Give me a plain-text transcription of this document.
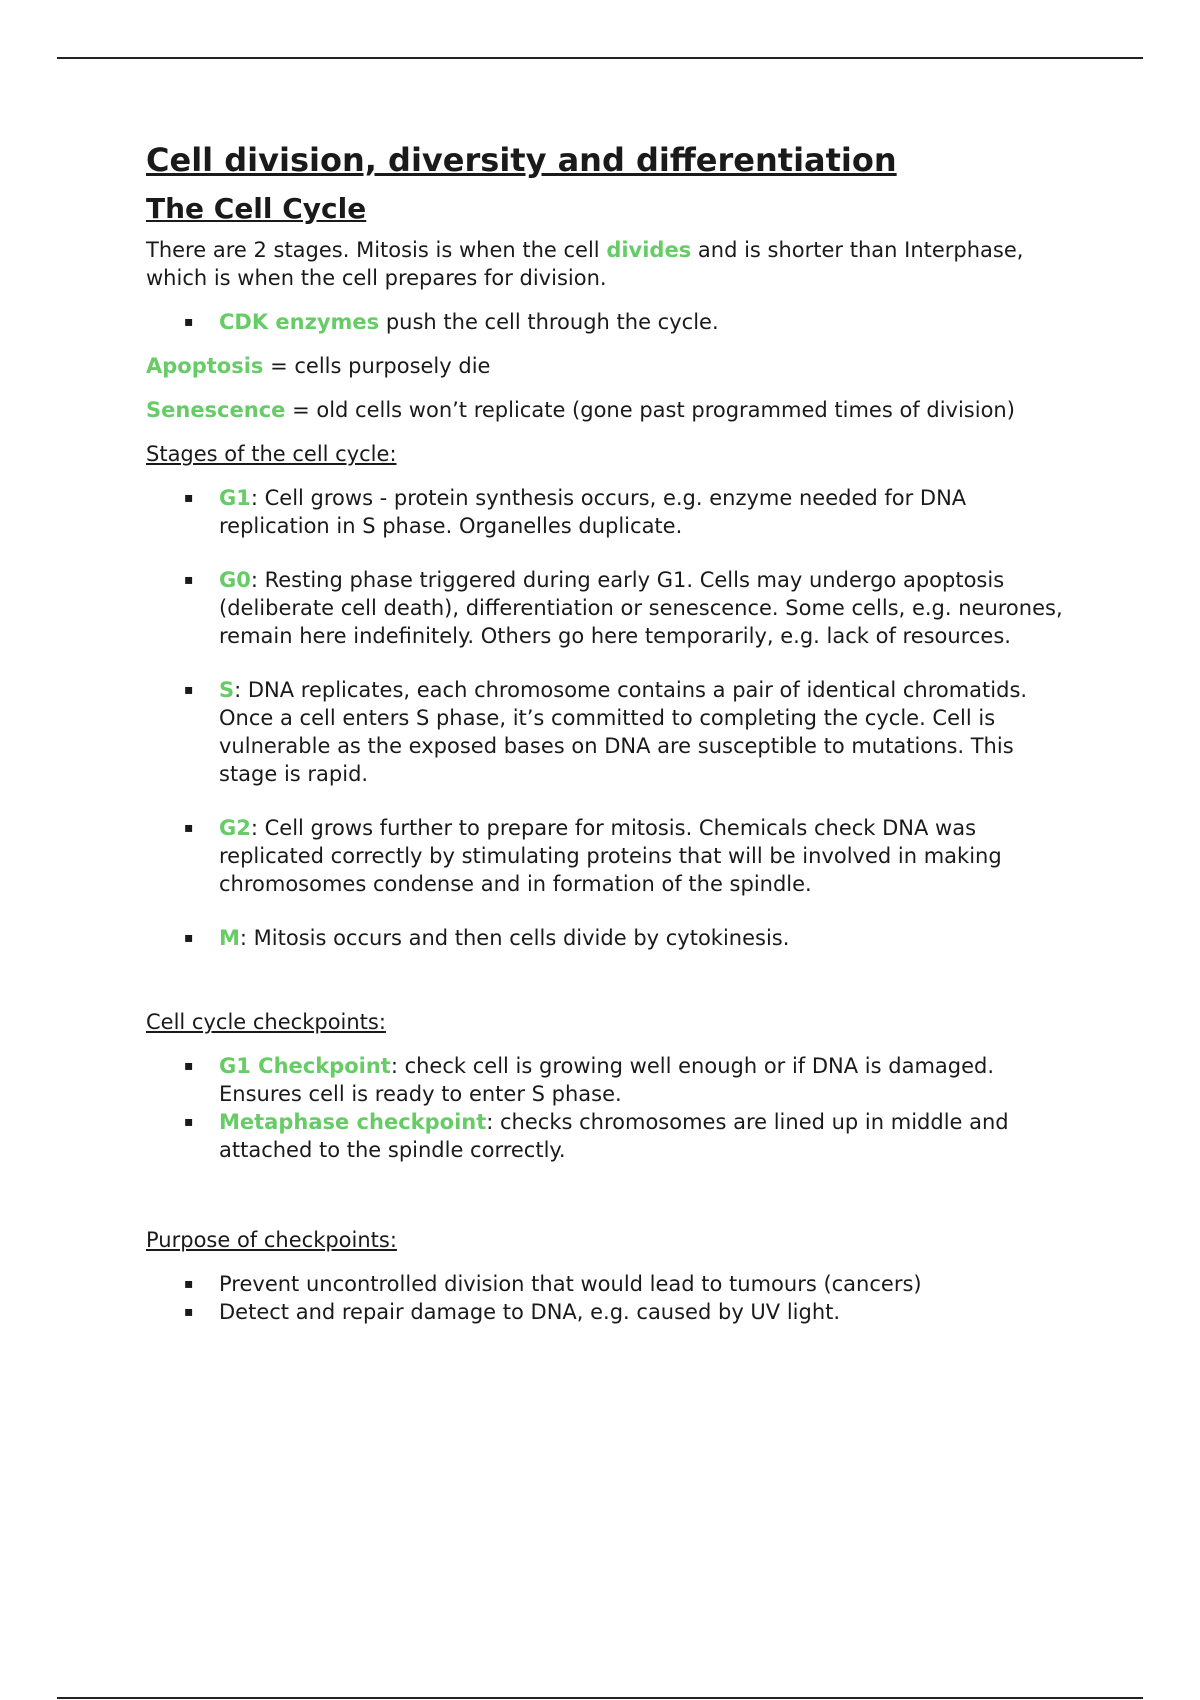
Cell division, diversity and differentiation
The Cell Cycle

There are 2 stages. Mitosis is when the cell divides and is shorter than Interphase, which is when the cell prepares for division.

▪ CDK enzymes push the cell through the cycle.

Apoptosis = cells purposely die

Senescence = old cells won’t replicate (gone past programmed times of division)

Stages of the cell cycle:

▪ G1: Cell grows - protein synthesis occurs, e.g. enzyme needed for DNA replication in S phase. Organelles duplicate.
▪ G0: Resting phase triggered during early G1. Cells may undergo apoptosis (deliberate cell death), differentiation or senescence. Some cells, e.g. neurones, remain here indefinitely. Others go here temporarily, e.g. lack of resources.
▪ S: DNA replicates, each chromosome contains a pair of identical chromatids. Once a cell enters S phase, it’s committed to completing the cycle. Cell is vulnerable as the exposed bases on DNA are susceptible to mutations. This stage is rapid.
▪ G2: Cell grows further to prepare for mitosis. Chemicals check DNA was replicated correctly by stimulating proteins that will be involved in making chromosomes condense and in formation of the spindle.
▪ M: Mitosis occurs and then cells divide by cytokinesis.

Cell cycle checkpoints:

▪ G1 Checkpoint: check cell is growing well enough or if DNA is damaged. Ensures cell is ready to enter S phase.
▪ Metaphase checkpoint: checks chromosomes are lined up in middle and attached to the spindle correctly.

Purpose of checkpoints:

▪ Prevent uncontrolled division that would lead to tumours (cancers)
▪ Detect and repair damage to DNA, e.g. caused by UV light.
